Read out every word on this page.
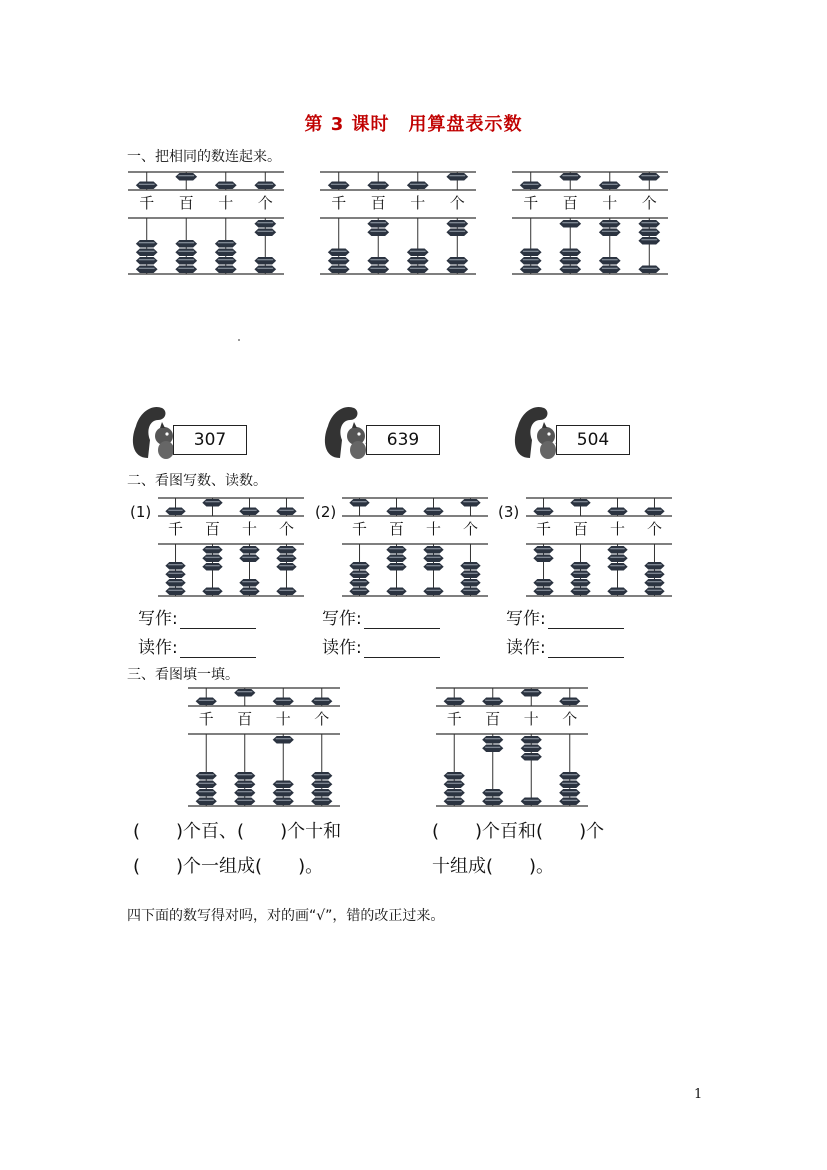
第 3 课时　用算盘表示数
一、把相同的数连起来。
千 百 十 个	千 百 十 个	千 百 十 个
307	639	504
二、看图写数、读数。
(1)
千 百 十 个
写作:
读作:
(2)
千 百 十 个
写作:
读作:
(3)
千 百 十 个
写作:
读作:
三、看图填一填。
千 百 十 个	千 百 十 个
(　　)个百、(　　)个十和
(　　)个一组成(　　)。
(　　)个百和(　　)个
十组成(　　)。
四下面的数写得对吗，对的画“√”，错的改正过来。
1
